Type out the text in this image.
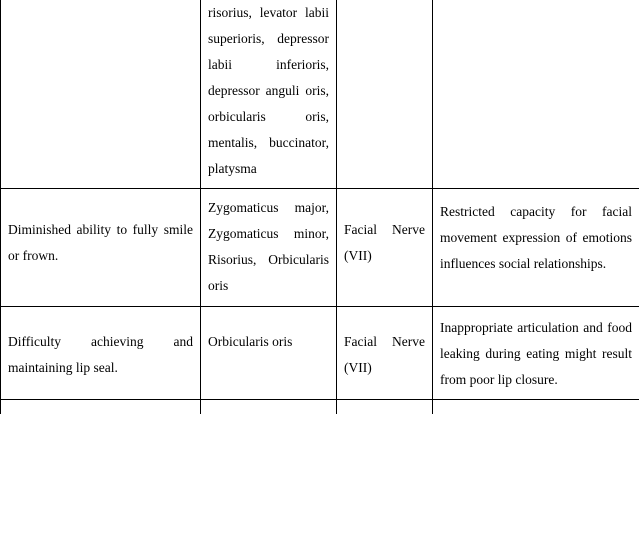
	risorius, levator labii superioris, depressor labii inferioris, depressor anguli oris, orbicularis oris, mentalis, buccinator, platysma		
Diminished ability to fully smile or frown.	Zygomaticus major, Zygomaticus minor, Risorius, Orbicularis oris	Facial Nerve (VII)	Restricted capacity for facial movement expression of emotions influences social relationships.
Difficulty achieving and maintaining lip seal.	Orbicularis oris	Facial Nerve (VII)	Inappropriate articulation and food leaking during eating might result from poor lip closure.
